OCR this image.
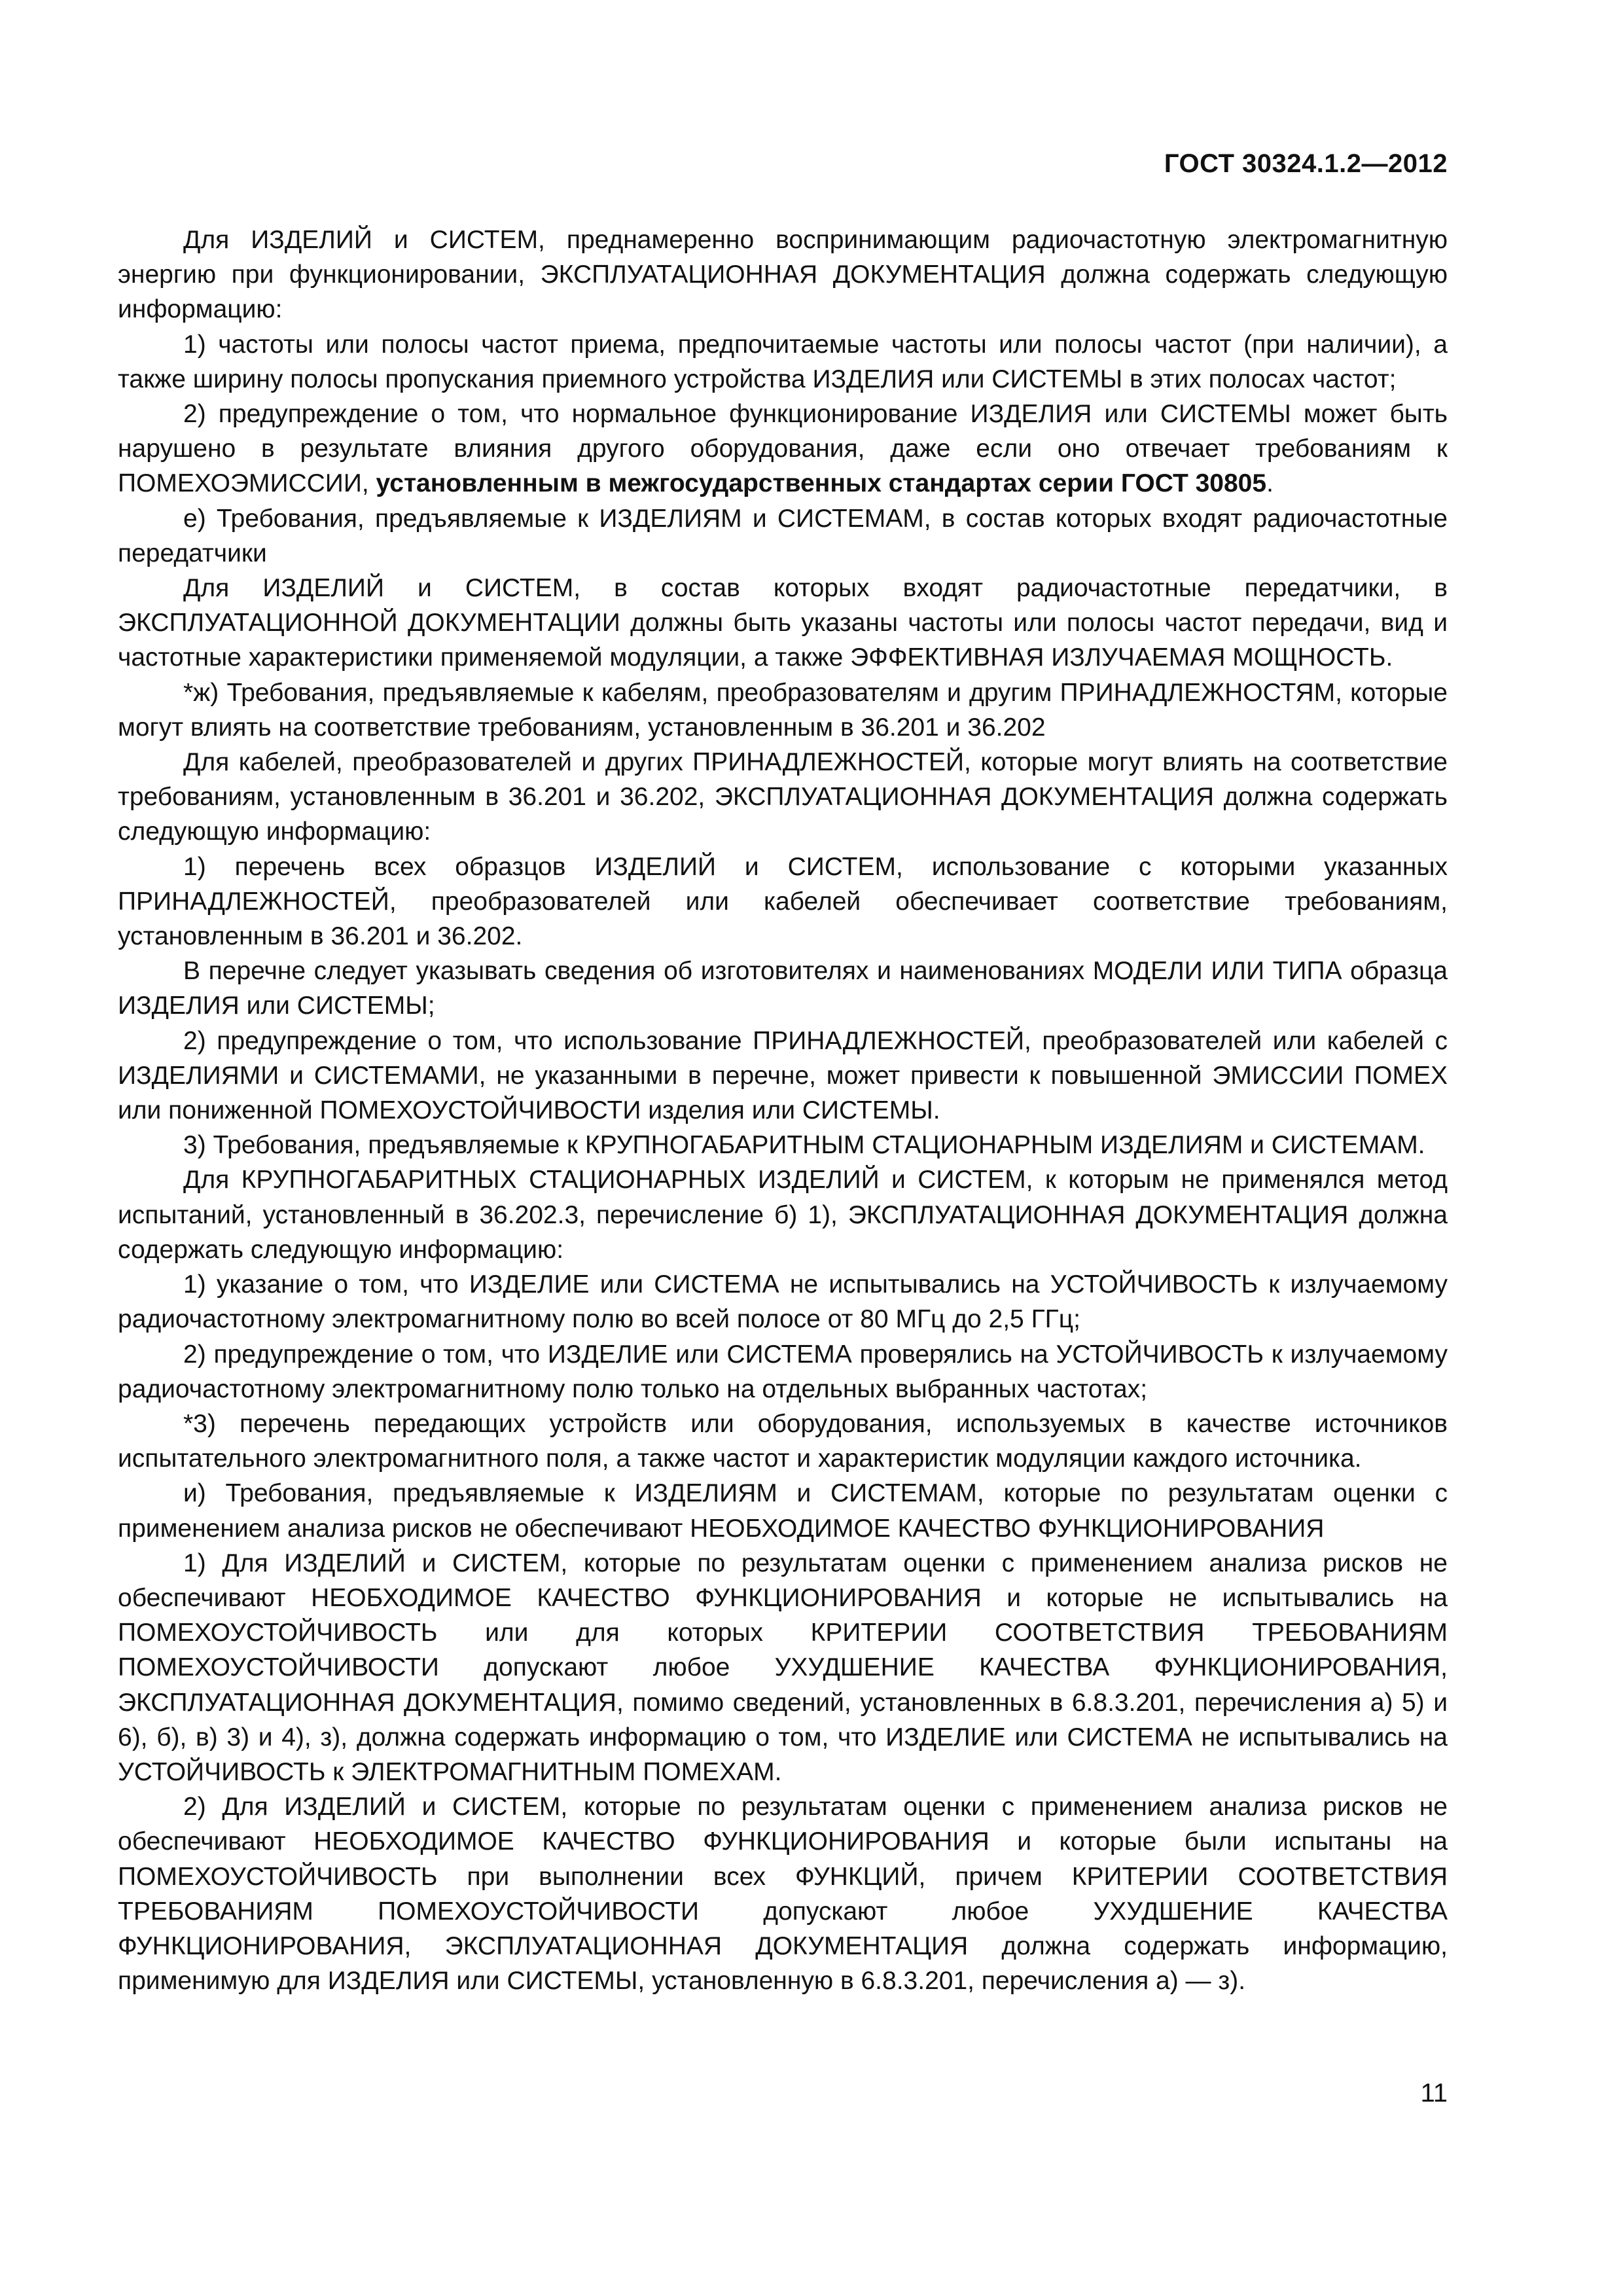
ГОСТ 30324.1.2—2012

Для ИЗДЕЛИЙ и СИСТЕМ, преднамеренно воспринимающим радиочастотную электромагнитную энергию при функционировании, ЭКСПЛУАТАЦИОННАЯ ДОКУМЕНТАЦИЯ должна содержать следующую информацию:

1) частоты или полосы частот приема, предпочитаемые частоты или полосы частот (при наличии), а также ширину полосы пропускания приемного устройства ИЗДЕЛИЯ или СИСТЕМЫ в этих полосах частот;

2) предупреждение о том, что нормальное функционирование ИЗДЕЛИЯ или СИСТЕМЫ может быть нарушено в результате влияния другого оборудования, даже если оно отвечает требованиям к ПОМЕХОЭМИССИИ, установленным в межгосударственных стандартах серии ГОСТ 30805.

е) Требования, предъявляемые к ИЗДЕЛИЯМ и СИСТЕМАМ, в состав которых входят радиочастотные передатчики

Для ИЗДЕЛИЙ и СИСТЕМ, в состав которых входят радиочастотные передатчики, в ЭКСПЛУАТАЦИОННОЙ ДОКУМЕНТАЦИИ должны быть указаны частоты или полосы частот передачи, вид и частотные характеристики применяемой модуляции, а также ЭФФЕКТИВНАЯ ИЗЛУЧАЕМАЯ МОЩНОСТЬ.

*ж) Требования, предъявляемые к кабелям, преобразователям и другим ПРИНАДЛЕЖНОСТЯМ, которые могут влиять на соответствие требованиям, установленным в 36.201 и 36.202

Для кабелей, преобразователей и других ПРИНАДЛЕЖНОСТЕЙ, которые могут влиять на соответствие требованиям, установленным в 36.201 и 36.202, ЭКСПЛУАТАЦИОННАЯ ДОКУМЕНТАЦИЯ должна содержать следующую информацию:

1) перечень всех образцов ИЗДЕЛИЙ и СИСТЕМ, использование с которыми указанных ПРИНАДЛЕЖНОСТЕЙ, преобразователей или кабелей обеспечивает соответствие требованиям, установленным в 36.201 и 36.202.

В перечне следует указывать сведения об изготовителях и наименованиях МОДЕЛИ ИЛИ ТИПА образца ИЗДЕЛИЯ или СИСТЕМЫ;

2) предупреждение о том, что использование ПРИНАДЛЕЖНОСТЕЙ, преобразователей или кабелей с ИЗДЕЛИЯМИ и СИСТЕМАМИ, не указанными в перечне, может привести к повышенной ЭМИССИИ ПОМЕХ или пониженной ПОМЕХОУСТОЙЧИВОСТИ изделия или СИСТЕМЫ.

3) Требования, предъявляемые к КРУПНОГАБАРИТНЫМ СТАЦИОНАРНЫМ ИЗДЕЛИЯМ и СИСТЕМАМ.

Для КРУПНОГАБАРИТНЫХ СТАЦИОНАРНЫХ ИЗДЕЛИЙ и СИСТЕМ, к которым не применялся метод испытаний, установленный в 36.202.3, перечисление б) 1), ЭКСПЛУАТАЦИОННАЯ ДОКУМЕНТАЦИЯ должна содержать следующую информацию:

1) указание о том, что ИЗДЕЛИЕ или СИСТЕМА не испытывались на УСТОЙЧИВОСТЬ к излучаемому радиочастотному электромагнитному полю во всей полосе от 80 МГц до 2,5 ГГц;

2) предупреждение о том, что ИЗДЕЛИЕ или СИСТЕМА проверялись на УСТОЙЧИВОСТЬ к излучаемому радиочастотному электромагнитному полю только на отдельных выбранных частотах;

*3) перечень передающих устройств или оборудования, используемых в качестве источников испытательного электромагнитного поля, а также частот и характеристик модуляции каждого источника.

и) Требования, предъявляемые к ИЗДЕЛИЯМ и СИСТЕМАМ, которые по результатам оценки с применением анализа рисков не обеспечивают НЕОБХОДИМОЕ КАЧЕСТВО ФУНКЦИОНИРОВАНИЯ

1) Для ИЗДЕЛИЙ и СИСТЕМ, которые по результатам оценки с применением анализа рисков не обеспечивают НЕОБХОДИМОЕ КАЧЕСТВО ФУНКЦИОНИРОВАНИЯ и которые не испытывались на ПОМЕХОУСТОЙЧИВОСТЬ или для которых КРИТЕРИИ СООТВЕТСТВИЯ ТРЕБОВАНИЯМ ПОМЕХОУСТОЙЧИВОСТИ допускают любое УХУДШЕНИЕ КАЧЕСТВА ФУНКЦИОНИРОВАНИЯ, ЭКСПЛУАТАЦИОННАЯ ДОКУМЕНТАЦИЯ, помимо сведений, установленных в 6.8.3.201, перечисления а) 5) и 6), б), в) 3) и 4), з), должна содержать информацию о том, что ИЗДЕЛИЕ или СИСТЕМА не испытывались на УСТОЙЧИВОСТЬ к ЭЛЕКТРОМАГНИТНЫМ ПОМЕХАМ.

2) Для ИЗДЕЛИЙ и СИСТЕМ, которые по результатам оценки с применением анализа рисков не обеспечивают НЕОБХОДИМОЕ КАЧЕСТВО ФУНКЦИОНИРОВАНИЯ и которые были испытаны на ПОМЕХОУСТОЙЧИВОСТЬ при выполнении всех ФУНКЦИЙ, причем КРИТЕРИИ СООТВЕТСТВИЯ ТРЕБОВАНИЯМ ПОМЕХОУСТОЙЧИВОСТИ допускают любое УХУДШЕНИЕ КАЧЕСТВА ФУНКЦИОНИРОВАНИЯ, ЭКСПЛУАТАЦИОННАЯ ДОКУМЕНТАЦИЯ должна содержать информацию, применимую для ИЗДЕЛИЯ или СИСТЕМЫ, установленную в 6.8.3.201, перечисления а) — з).

11
